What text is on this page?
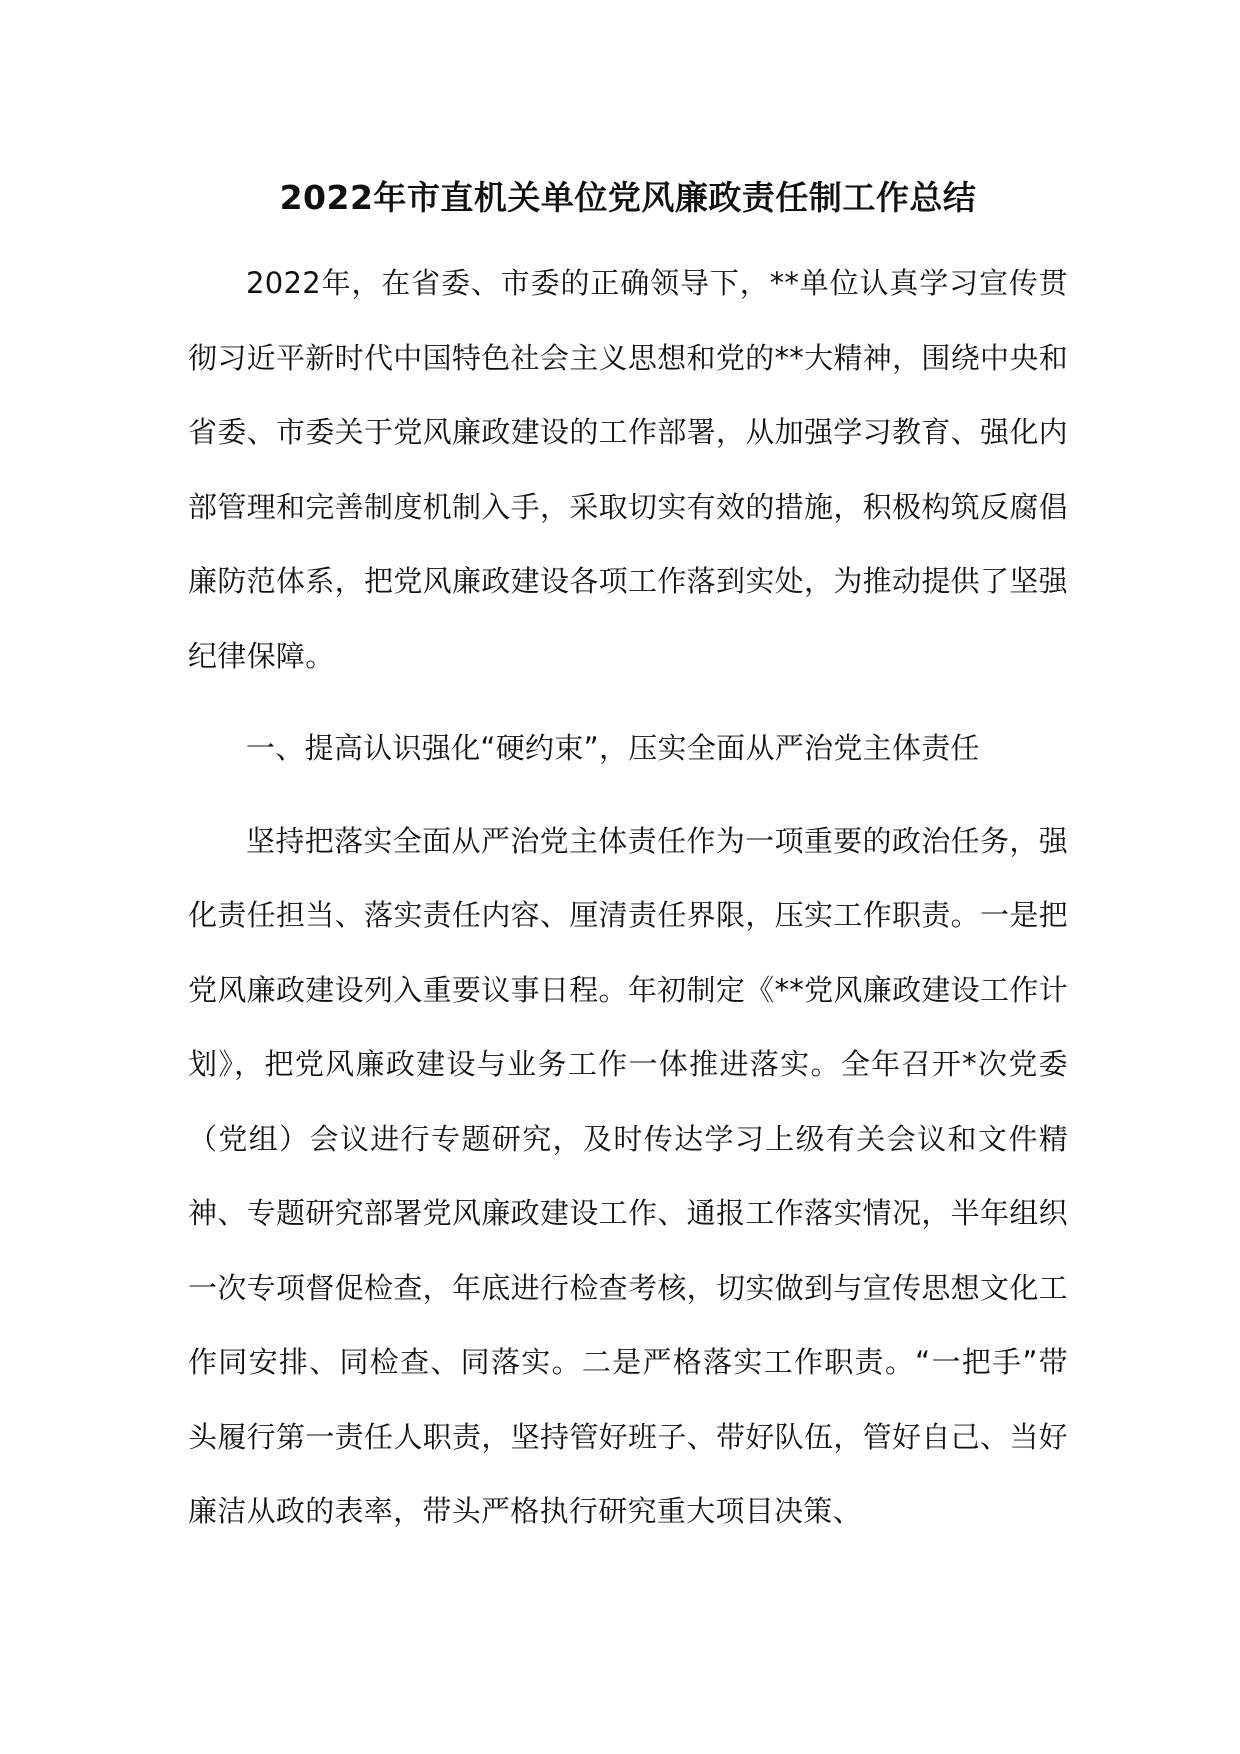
2022年市直机关单位党风廉政责任制工作总结

2022年，在省委、市委的正确领导下，**单位认真学习宣传贯彻习近平新时代中国特色社会主义思想和党的**大精神，围绕中央和省委、市委关于党风廉政建设的工作部署，从加强学习教育、强化内部管理和完善制度机制入手，采取切实有效的措施，积极构筑反腐倡廉防范体系，把党风廉政建设各项工作落到实处，为推动提供了坚强纪律保障。

一、提高认识强化“硬约束”，压实全面从严治党主体责任

坚持把落实全面从严治党主体责任作为一项重要的政治任务，强化责任担当、落实责任内容、厘清责任界限，压实工作职责。一是把党风廉政建设列入重要议事日程。年初制定《**党风廉政建设工作计划》，把党风廉政建设与业务工作一体推进落实。全年召开*次党委（党组）会议进行专题研究，及时传达学习上级有关会议和文件精神、专题研究部署党风廉政建设工作、通报工作落实情况，半年组织一次专项督促检查，年底进行检查考核，切实做到与宣传思想文化工作同安排、同检查、同落实。二是严格落实工作职责。“一把手”带头履行第一责任人职责，坚持管好班子、带好队伍，管好自己、当好廉洁从政的表率，带头严格执行研究重大项目决策、
